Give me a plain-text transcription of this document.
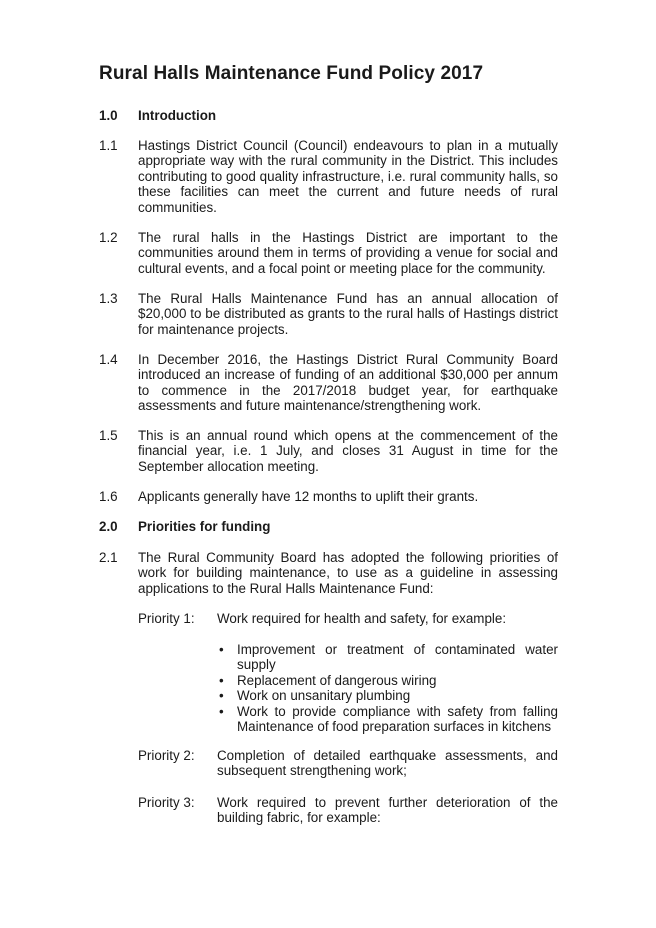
Rural Halls Maintenance Fund Policy 2017
1.0 Introduction
1.1 Hastings District Council (Council) endeavours to plan in a mutually appropriate way with the rural community in the District. This includes contributing to good quality infrastructure, i.e. rural community halls, so these facilities can meet the current and future needs of rural communities.
1.2 The rural halls in the Hastings District are important to the communities around them in terms of providing a venue for social and cultural events, and a focal point or meeting place for the community.
1.3 The Rural Halls Maintenance Fund has an annual allocation of $20,000 to be distributed as grants to the rural halls of Hastings district for maintenance projects.
1.4 In December 2016, the Hastings District Rural Community Board introduced an increase of funding of an additional $30,000 per annum to commence in the 2017/2018 budget year, for earthquake assessments and future maintenance/strengthening work.
1.5 This is an annual round which opens at the commencement of the financial year, i.e. 1 July, and closes 31 August in time for the September allocation meeting.
1.6 Applicants generally have 12 months to uplift their grants.
2.0 Priorities for funding
2.1 The Rural Community Board has adopted the following priorities of work for building maintenance, to use as a guideline in assessing applications to the Rural Halls Maintenance Fund:
Priority 1: Work required for health and safety, for example:
• Improvement or treatment of contaminated water supply
• Replacement of dangerous wiring
• Work on unsanitary plumbing
• Work to provide compliance with safety from falling Maintenance of food preparation surfaces in kitchens
Priority 2: Completion of detailed earthquake assessments, and subsequent strengthening work;
Priority 3: Work required to prevent further deterioration of the building fabric, for example:
